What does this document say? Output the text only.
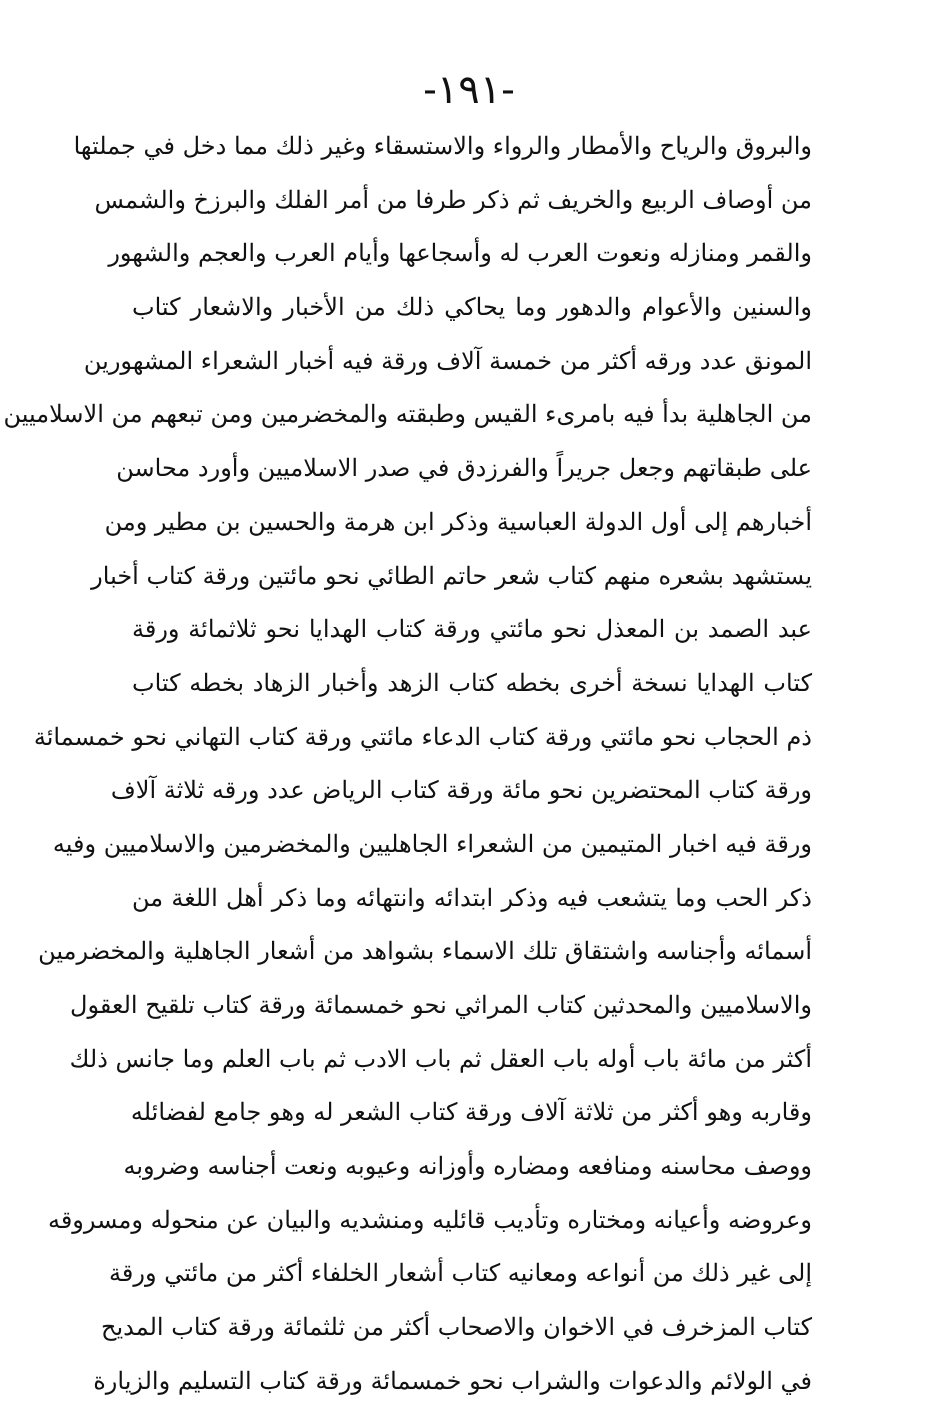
-١٩١-
والبروق والرياح والأمطار والرواء والاستسقاء وغير ذلك مما دخل في جملتها
من أوصاف الربيع والخريف ثم ذكر طرفا من أمر الفلك والبرزخ والشمس
والقمر ومنازله ونعوت العرب له وأسجاعها وأيام العرب والعجم والشهور
والسنين والأعوام والدهور وما يحاكي ذلك من الأخبار والاشعار كتاب
المونق عدد ورقه أكثر من خمسة آلاف ورقة فيه أخبار الشعراء المشهورين
من الجاهلية بدأ فيه بامرىء القيس وطبقته والمخضرمين ومن تبعهم من الاسلاميين
على طبقاتهم وجعل جريراً والفرزدق في صدر الاسلاميين وأورد محاسن
أخبارهم إلى أول الدولة العباسية وذكر ابن هرمة والحسين بن مطير ومن
يستشهد بشعره منهم كتاب شعر حاتم الطائي نحو مائتين ورقة كتاب أخبار
عبد الصمد بن المعذل نحو مائتي ورقة كتاب الهدايا نحو ثلاثمائة ورقة
كتاب الهدايا نسخة أخرى بخطه كتاب الزهد وأخبار الزهاد بخطه كتاب
ذم الحجاب نحو مائتي ورقة كتاب الدعاء مائتي ورقة كتاب التهاني نحو خمسمائة
ورقة كتاب المحتضرين نحو مائة ورقة كتاب الرياض عدد ورقه ثلاثة آلاف
ورقة فيه اخبار المتيمين من الشعراء الجاهليين والمخضرمين والاسلاميين وفيه
ذكر الحب وما يتشعب فيه وذكر ابتدائه وانتهائه وما ذكر أهل اللغة من
أسمائه وأجناسه واشتقاق تلك الاسماء بشواهد من أشعار الجاهلية والمخضرمين
والاسلاميين والمحدثين كتاب المراثي نحو خمسمائة ورقة كتاب تلقيح العقول
أكثر من مائة باب أوله باب العقل ثم باب الادب ثم باب العلم وما جانس ذلك
وقاربه وهو أكثر من ثلاثة آلاف ورقة كتاب الشعر له وهو جامع لفضائله
ووصف محاسنه ومنافعه ومضاره وأوزانه وعيوبه ونعت أجناسه وضروبه
وعروضه وأعيانه ومختاره وتأديب قائليه ومنشديه والبيان عن منحوله ومسروقه
إلى غير ذلك من أنواعه ومعانيه كتاب أشعار الخلفاء أكثر من مائتي ورقة
كتاب المزخرف في الاخوان والاصحاب أكثر من ثلثمائة ورقة كتاب المديح
في الولائم والدعوات والشراب نحو خمسمائة ورقة كتاب التسليم والزيارة
